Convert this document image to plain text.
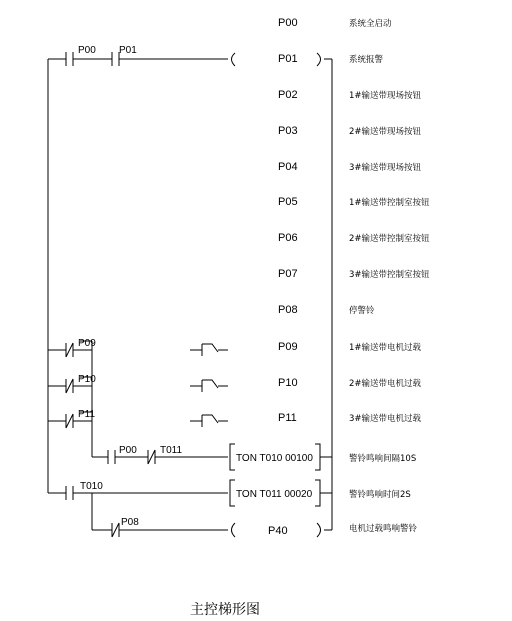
P00	系统全启动
P01	系统报警
P02	1#输送带现场按钮
P03	2#输送带现场按钮
P04	3#输送带现场按钮
P05	1#输送带控制室按钮
P06	2#输送带控制室按钮
P07	3#输送带控制室按钮
P08	停警铃
P09	1#输送带电机过载
P10	2#输送带电机过载
P11	3#输送带电机过载
P00 P01
P09
P10
P11
P00 T011
TON T010 00100	警铃鸣响间隔10S
T010
TON T011 00020	警铃鸣响时间2S
P08
P40	电机过载鸣响警铃
主控梯形图
